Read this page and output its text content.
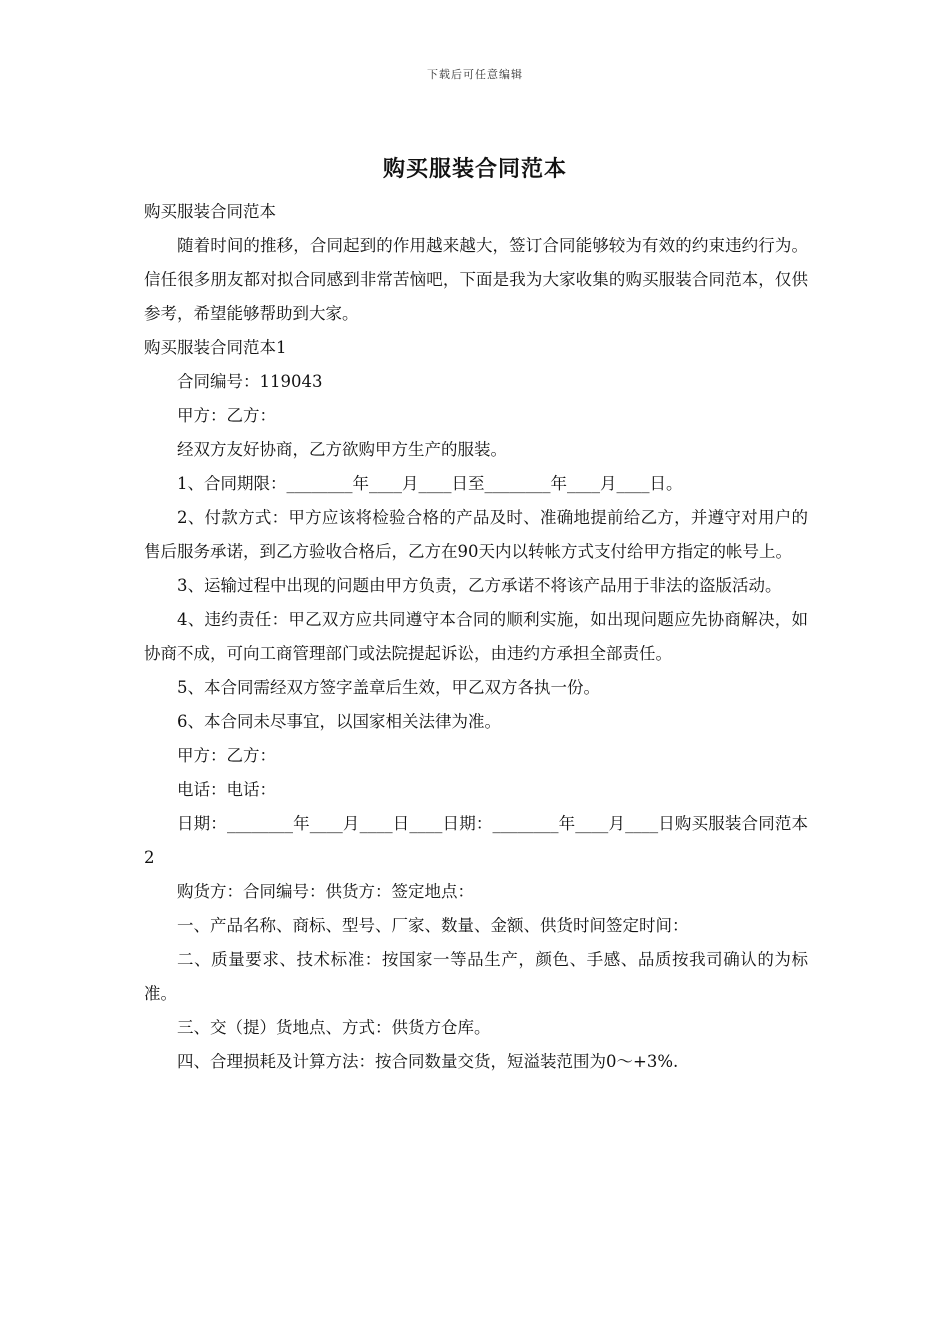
下载后可任意编辑
购买服装合同范本

购买服装合同范本

随着时间的推移，合同起到的作用越来越大，签订合同能够较为有效的约束违约行为。信任很多朋友都对拟合同感到非常苦恼吧，下面是我为大家收集的购买服装合同范本，仅供参考，希望能够帮助到大家。

购买服装合同范本1

合同编号：119043

甲方：乙方：

经双方友好协商，乙方欲购甲方生产的服装。

1、合同期限：________年____月____日至________年____月____日。

2、付款方式：甲方应该将检验合格的产品及时、准确地提前给乙方，并遵守对用户的售后服务承诺，到乙方验收合格后，乙方在90天内以转帐方式支付给甲方指定的帐号上。

3、运输过程中出现的问题由甲方负责，乙方承诺不将该产品用于非法的盗版活动。

4、违约责任：甲乙双方应共同遵守本合同的顺利实施，如出现问题应先协商解决，如协商不成，可向工商管理部门或法院提起诉讼，由违约方承担全部责任。

5、本合同需经双方签字盖章后生效，甲乙双方各执一份。

6、本合同未尽事宜，以国家相关法律为准。

甲方：乙方：

电话：电话：

日期：________年____月____日____日期：________年____月____日购买服装合同范本2

购货方：合同编号：供货方：签定地点：

一、产品名称、商标、型号、厂家、数量、金额、供货时间签定时间：

二、质量要求、技术标准：按国家一等品生产，颜色、手感、品质按我司确认的为标准。

三、交（提）货地点、方式：供货方仓库。

四、合理损耗及计算方法：按合同数量交货，短溢装范围为0～+3%.
